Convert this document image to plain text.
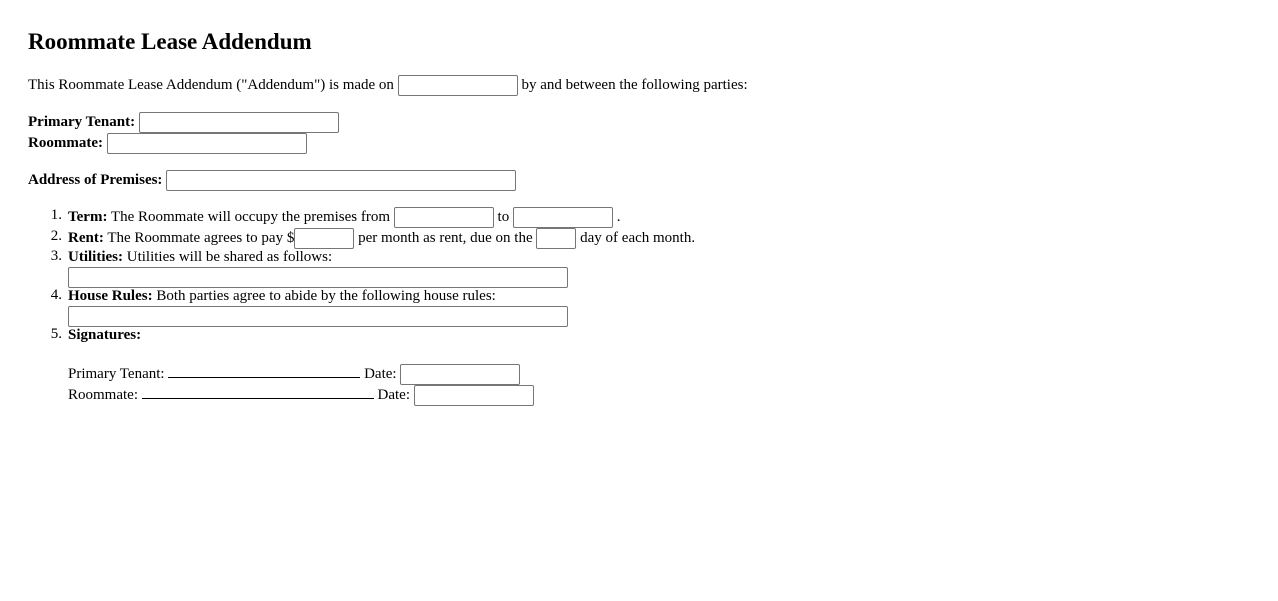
Roommate Lease Addendum
This Roommate Lease Addendum ("Addendum") is made on	by and between the following parties:
Primary Tenant:
Roommate:
Address of Premises:
1. Term: The Roommate will occupy the premises from	to	.
2. Rent: The Roommate agrees to pay $	per month as rent, due on the	day of each month.
3. Utilities: Utilities will be shared as follows:
4. House Rules: Both parties agree to abide by the following house rules:
5. Signatures:
Primary Tenant:	Date:
Roommate:	Date:
